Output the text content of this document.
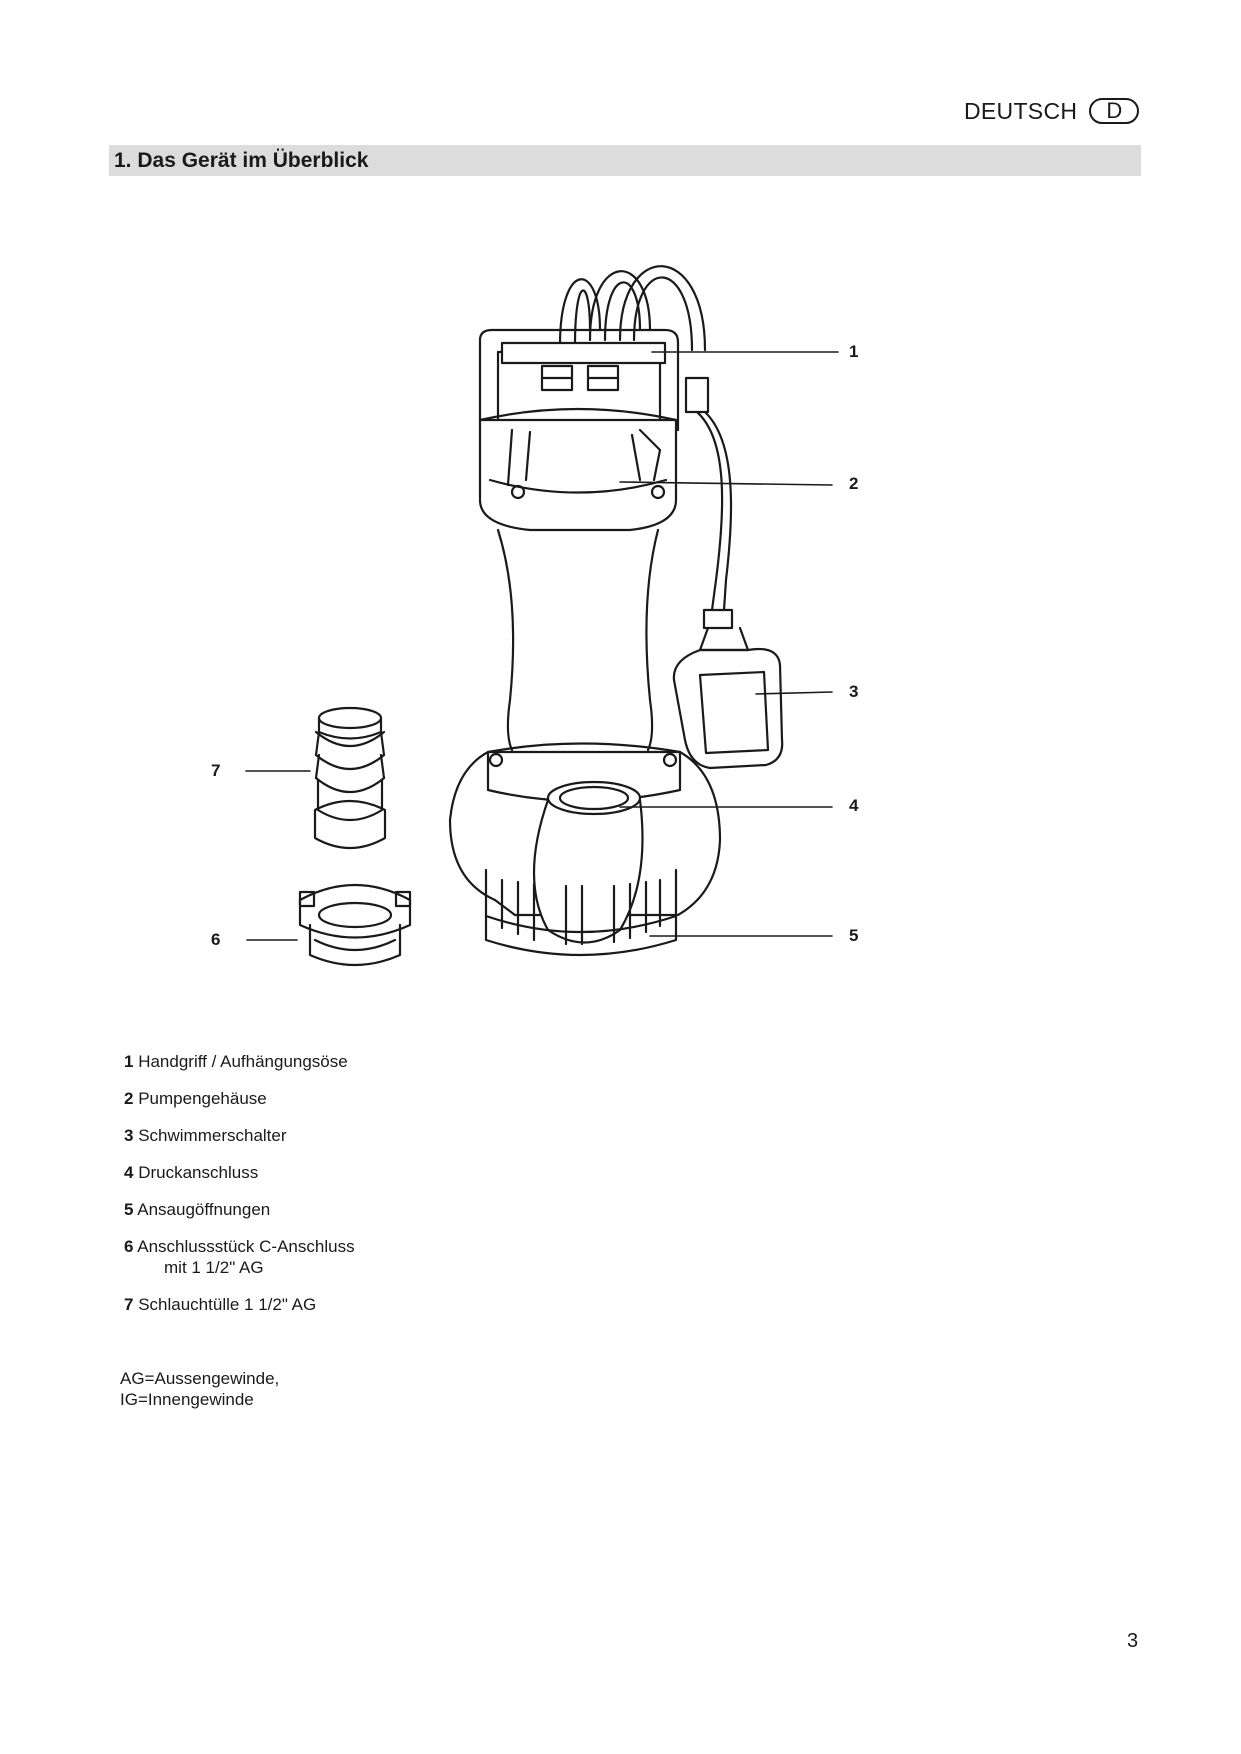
DEUTSCH	D
1. Das Gerät im Überblick
1
2
3
4
5
6
7
1 Handgriff / Aufhängungsöse
2 Pumpengehäuse
3 Schwimmerschalter
4 Druckanschluss
5 Ansaugöffnungen
6 Anschlussstück C-Anschluss
mit 1 1/2" AG
7 Schlauchtülle 1 1/2" AG
AG=Aussengewinde,
IG=Innengewinde
3
